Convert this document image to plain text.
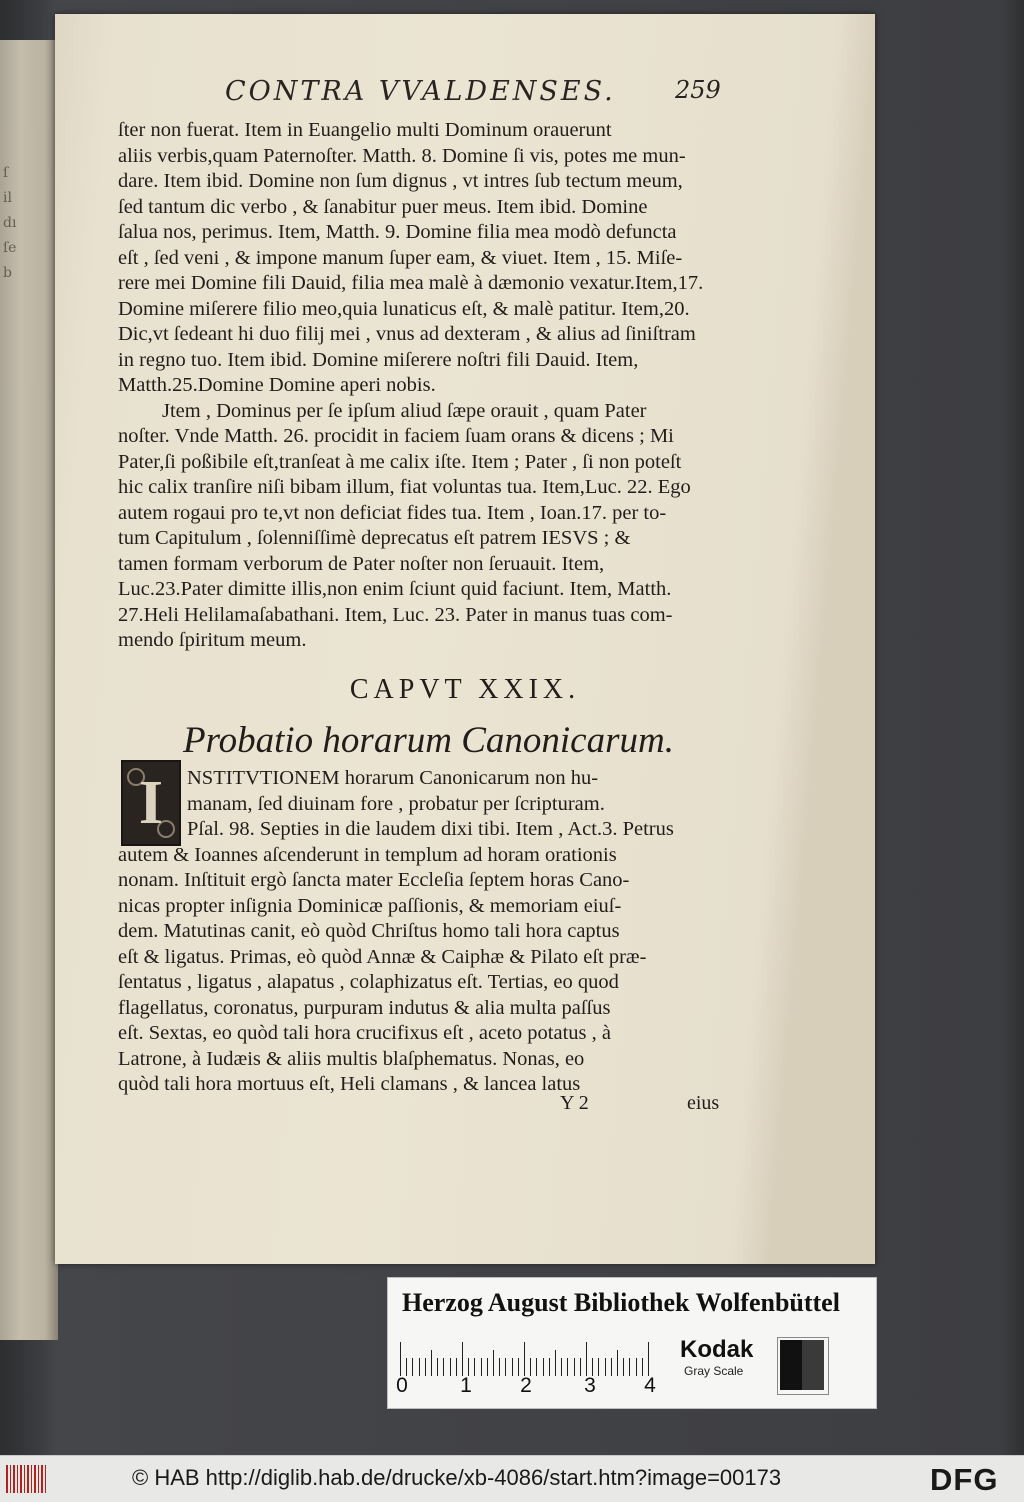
ſ
il
dı
ſe
b
CONTRA VVALDENSES. 259
ſter non fuerat. Item in Euangelio multi Dominum orauerunt
aliis verbis,quam Paternoſter. Matth. 8. Domine ſi vis, potes me mun-
dare. Item ibid. Domine non ſum dignus , vt intres ſub tectum meum,
ſed tantum dic verbo , & ſanabitur puer meus. Item ibid. Domine
ſalua nos, perimus. Item, Matth. 9. Domine filia mea modò defuncta
eſt , ſed veni , & impone manum ſuper eam, & viuet. Item , 15. Miſe-
rere mei Domine fili Dauid, filia mea malè à dæmonio vexatur.Item,17.
Domine miſerere filio meo,quia lunaticus eſt, & malè patitur. Item,20.
Dic,vt ſedeant hi duo filij mei , vnus ad dexteram , & alius ad ſiniſtram
in regno tuo. Item ibid. Domine miſerere noſtri fili Dauid. Item,
Matth.25.Domine Domine aperi nobis.
Jtem , Dominus per ſe ipſum aliud ſæpe orauit , quam Pater
noſter. Vnde Matth. 26. procidit in faciem ſuam orans & dicens ; Mi
Pater,ſi poßibile eſt,tranſeat à me calix iſte. Item ; Pater , ſi non poteſt
hic calix tranſire niſi bibam illum, fiat voluntas tua. Item,Luc. 22. Ego
autem rogaui pro te,vt non deficiat fides tua. Item , Ioan.17. per to-
tum Capitulum , ſolenniſſimè deprecatus eſt patrem IESVS ; &
tamen formam verborum de Pater noſter non ſeruauit. Item,
Luc.23.Pater dimitte illis,non enim ſciunt quid faciunt. Item, Matth.
27.Heli Helilamaſabathani. Item, Luc. 23. Pater in manus tuas com-
mendo ſpiritum meum.
CAPVT XXIX.
Probatio horarum Canonicarum.
I	NSTITVTIONEM horarum Canonicarum non hu-
manam, ſed diuinam fore , probatur per ſcripturam.
Pſal. 98. Septies in die laudem dixi tibi. Item , Act.3. Petrus
autem & Ioannes aſcenderunt in templum ad horam orationis
nonam. Inſtituit ergò ſancta mater Eccleſia ſeptem horas Cano-
nicas propter inſignia Dominicæ paſſionis, & memoriam eiuſ-
dem. Matutinas canit, eò quòd Chriſtus homo tali hora captus
eſt & ligatus. Primas, eò quòd Annæ & Caiphæ & Pilato eſt præ-
ſentatus , ligatus , alapatus , colaphizatus eſt. Tertias, eo quod
flagellatus, coronatus, purpuram indutus & alia multa paſſus
eſt. Sextas, eo quòd tali hora crucifixus eſt , aceto potatus , à
Latrone, à Iudæis & aliis multis blaſphematus. Nonas, eo
quòd tali hora mortuus eſt, Heli clamans , & lancea latus
Y 2	eius
Herzog August Bibliothek Wolfenbüttel
0 1 2 3 4
Kodak
Gray Scale
© HAB http://diglib.hab.de/drucke/xb-4086/start.htm?image=00173	DFG
